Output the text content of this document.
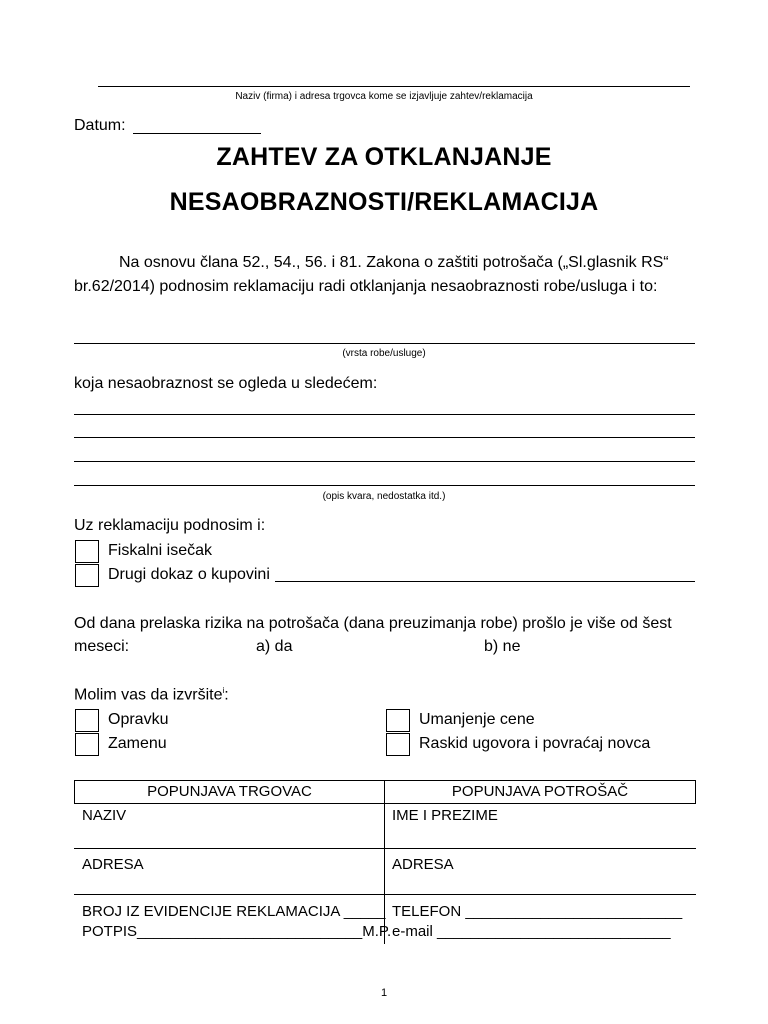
Naziv (firma) i adresa trgovca kome se izjavljuje zahtev/reklamacija
Datum:
ZAHTEV ZA OTKLANJANJE
NESAOBRAZNOSTI/REKLAMACIJA
Na osnovu člana 52., 54., 56. i 81. Zakona o zaštiti potrošača („Sl.glasnik RS“
br.62/2014) podnosim reklamaciju radi otklanjanja nesaobraznosti robe/usluga i to:
(vrsta robe/usluge)
koja nesaobraznost se ogleda u sledećem:
(opis kvara, nedostatka itd.)
Uz reklamaciju podnosim i:
Fiskalni isečak
Drugi dokaz o kupovini
Od dana prelaska rizika na potrošača (dana preuzimanja robe) prošlo je više od šest
meseci:	a) da	b) ne
Molim vas da izvršite$^i$:
Opravku
Zamenu
Umanjenje cene
Raskid ugovora i povraćaj novca
POPUNJAVA TRGOVAC	POPUNJAVA POTROŠAČ
NAZIV	IME I PREZIME
ADRESA	ADRESA
BROJ IZ EVIDENCIJE REKLAMACIJA _____ TELEFON __________________________
POTPIS___________________________M.P. e-mail ____________________________
1
